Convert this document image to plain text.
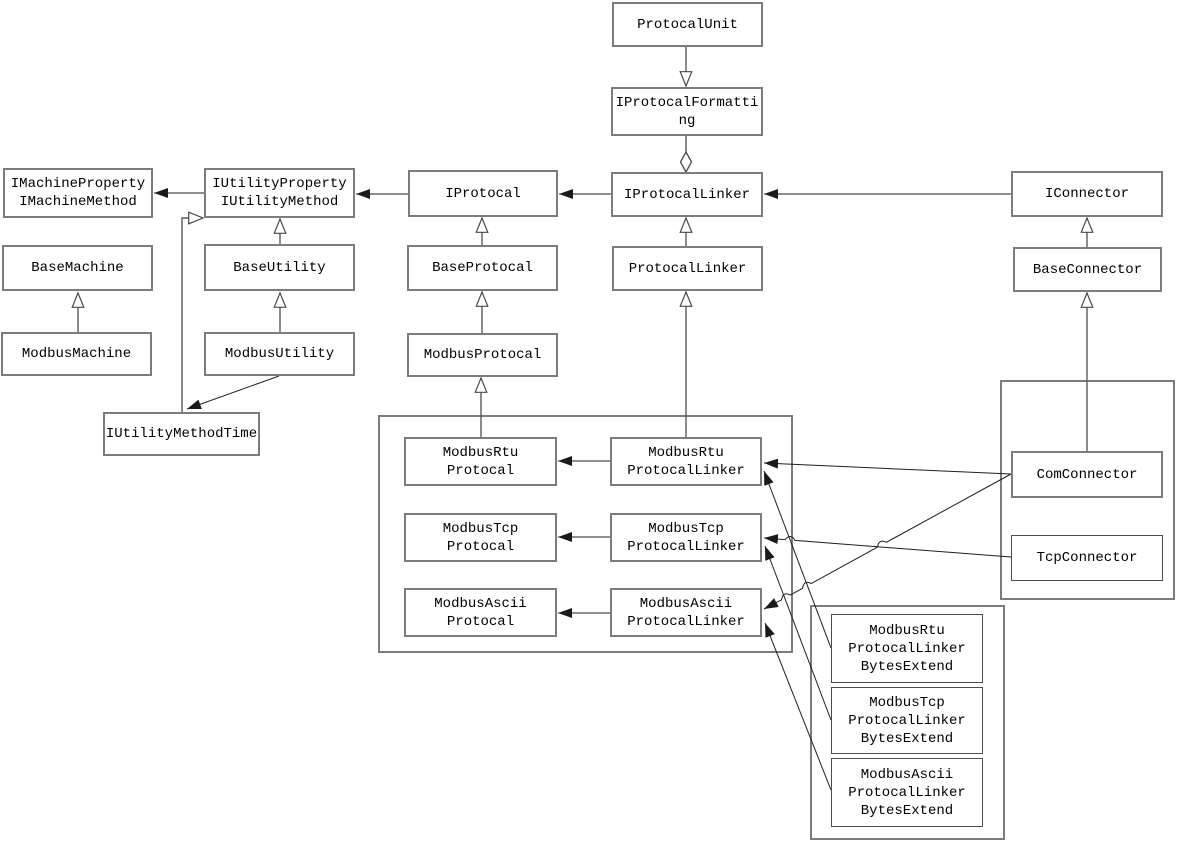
ProtocalUnit
IProtocalFormatti
ng
IProtocalLinker
ProtocalLinker
IMachineProperty
IMachineMethod
IUtilityProperty
IUtilityMethod
BaseMachine
ModbusMachine
BaseUtility
ModbusUtility
IUtilityMethodTime
IProtocal
BaseProtocal
ModbusProtocal
IConnector
BaseConnector
ModbusRtu
Protocal
ModbusRtu
ProtocalLinker
ModbusTcp
Protocal
ModbusTcp
ProtocalLinker
ModbusAscii
Protocal
ModbusAscii
ProtocalLinker
ComConnector
TcpConnector
ModbusRtu
ProtocalLinker
BytesExtend
ModbusTcp
ProtocalLinker
BytesExtend
ModbusAscii
ProtocalLinker
BytesExtend
